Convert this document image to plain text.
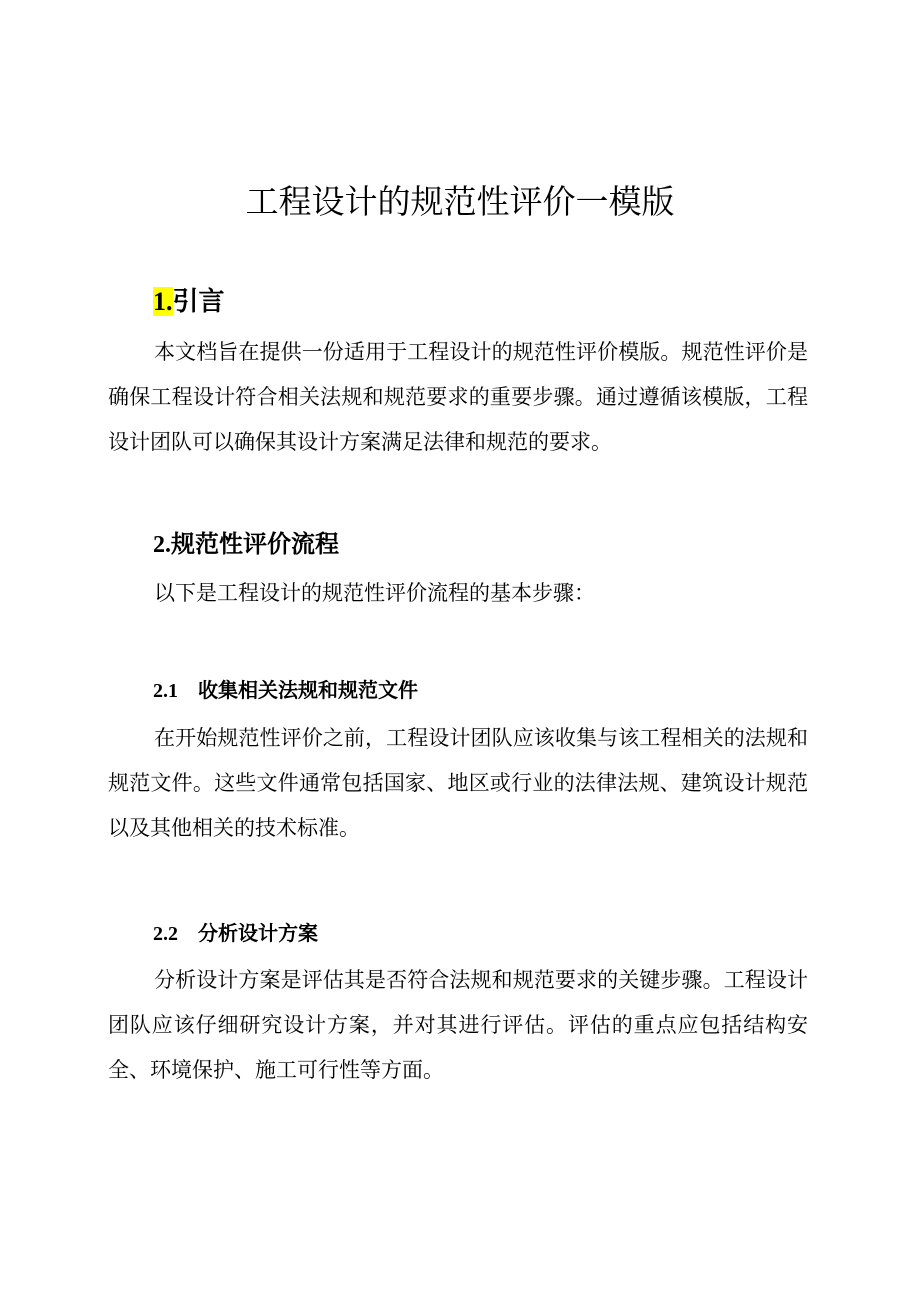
工程设计的规范性评价一模版
1.引言

本文档旨在提供一份适用于工程设计的规范性评价模版。规范性评价是确保工程设计符合相关法规和规范要求的重要步骤。通过遵循该模版，工程设计团队可以确保其设计方案满足法律和规范的要求。

2.规范性评价流程

以下是工程设计的规范性评价流程的基本步骤：

2.1 收集相关法规和规范文件

在开始规范性评价之前，工程设计团队应该收集与该工程相关的法规和规范文件。这些文件通常包括国家、地区或行业的法律法规、建筑设计规范以及其他相关的技术标准。

2.2 分析设计方案

分析设计方案是评估其是否符合法规和规范要求的关键步骤。工程设计团队应该仔细研究设计方案，并对其进行评估。评估的重点应包括结构安全、环境保护、施工可行性等方面。
